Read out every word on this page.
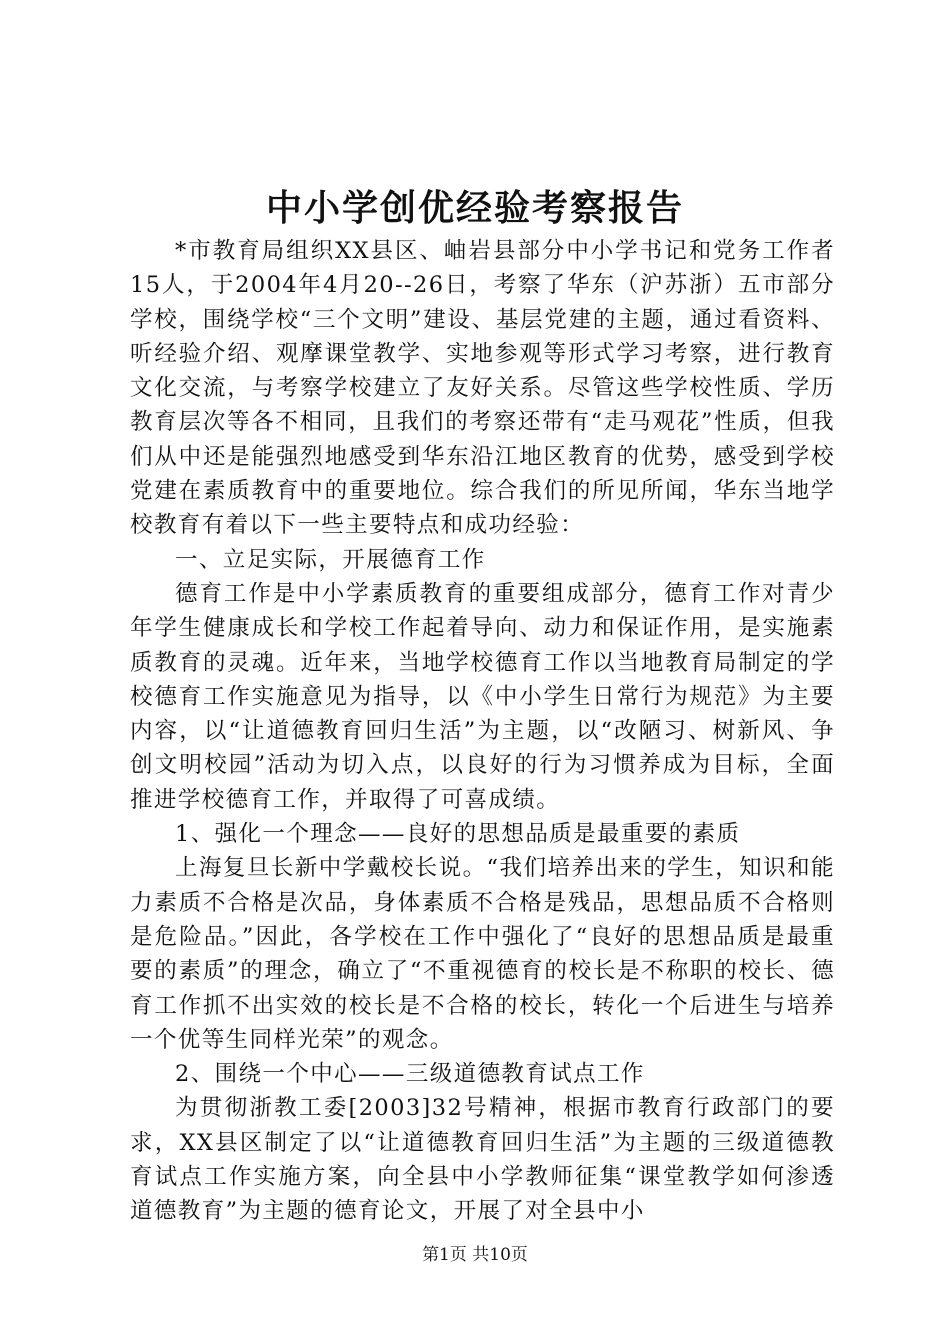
中小学创优经验考察报告

*市教育局组织XX县区、岫岩县部分中小学书记和党务工作者15人，于2004年4月20--26日，考察了华东（沪苏浙）五市部分学校，围绕学校“三个文明”建设、基层党建的主题，通过看资料、听经验介绍、观摩课堂教学、实地参观等形式学习考察，进行教育文化交流，与考察学校建立了友好关系。尽管这些学校性质、学历教育层次等各不相同，且我们的考察还带有“走马观花”性质，但我们从中还是能强烈地感受到华东沿江地区教育的优势，感受到学校党建在素质教育中的重要地位。综合我们的所见所闻，华东当地学校教育有着以下一些主要特点和成功经验：

一、立足实际，开展德育工作

德育工作是中小学素质教育的重要组成部分，德育工作对青少年学生健康成长和学校工作起着导向、动力和保证作用，是实施素质教育的灵魂。近年来，当地学校德育工作以当地教育局制定的学校德育工作实施意见为指导，以《中小学生日常行为规范》为主要内容，以“让道德教育回归生活”为主题，以“改陋习、树新风、争创文明校园”活动为切入点，以良好的行为习惯养成为目标，全面推进学校德育工作，并取得了可喜成绩。

1、强化一个理念——良好的思想品质是最重要的素质

上海复旦长新中学戴校长说。“我们培养出来的学生，知识和能力素质不合格是次品，身体素质不合格是残品，思想品质不合格则是危险品。”因此，各学校在工作中强化了“良好的思想品质是最重要的素质”的理念，确立了“不重视德育的校长是不称职的校长、德育工作抓不出实效的校长是不合格的校长，转化一个后进生与培养一个优等生同样光荣”的观念。

2、围绕一个中心——三级道德教育试点工作

为贯彻浙教工委[2003]32号精神，根据市教育行政部门的要求，XX县区制定了以“让道德教育回归生活”为主题的三级道德教育试点工作实施方案，向全县中小学教师征集“课堂教学如何渗透道德教育”为主题的德育论文，开展了对全县中小

第1页 共10页
